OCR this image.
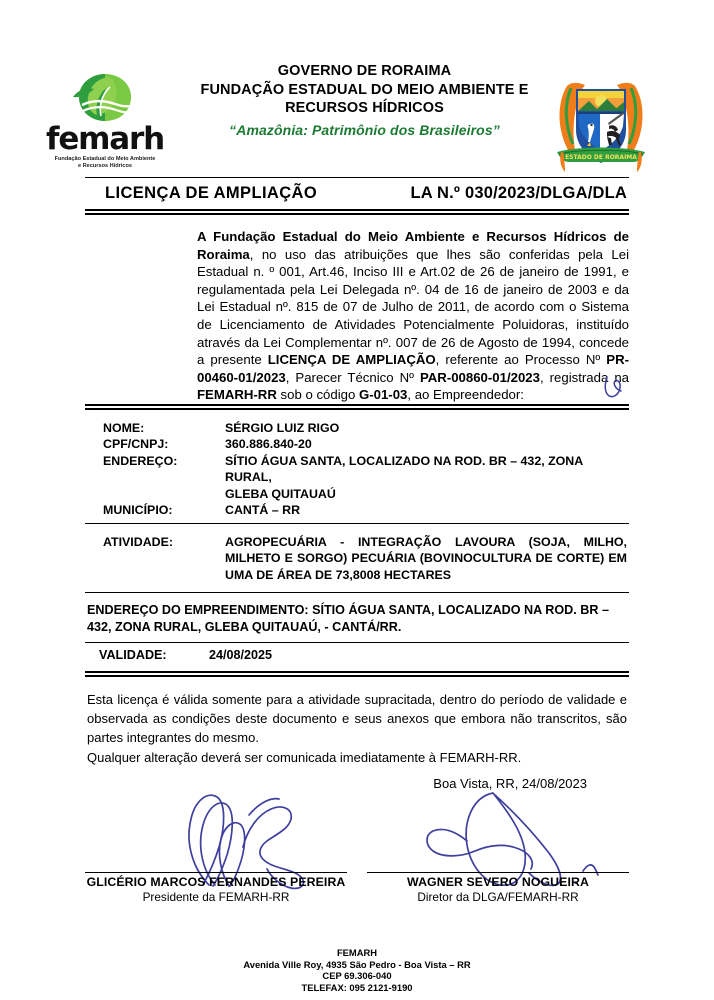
femarh
Fundação Estadual do Meio Ambiente
e Recursos Hídricos
GOVERNO DE RORAIMA
FUNDAÇÃO ESTADUAL DO MEIO AMBIENTE E
RECURSOS HÍDRICOS
“Amazônia: Patrimônio dos Brasileiros”
ESTADO DE RORAIMA
LICENÇA DE AMPLIAÇÃO	LA N.º 030/2023/DLGA/DLA
A Fundação Estadual do Meio Ambiente e Recursos Hídricos de Roraima, no uso das atribuições que lhes são conferidas pela Lei Estadual n. º 001, Art.46, Inciso III e Art.02 de 26 de janeiro de 1991, e regulamentada pela Lei Delegada nº. 04 de 16 de janeiro de 2003 e da Lei Estadual nº. 815 de 07 de Julho de 2011, de acordo com o Sistema de Licenciamento de Atividades Potencialmente Poluidoras, instituído através da Lei Complementar nº. 007 de 26 de Agosto de 1994, concede a presente LICENÇA DE AMPLIAÇÃO, referente ao Processo Nº PR-00460-01/2023, Parecer Técnico Nº PAR-00860-01/2023, registrada na FEMARH-RR sob o código G-01-03, ao Empreendedor:
NOME:	SÉRGIO LUIZ RIGO
CPF/CNPJ:	360.886.840-20
ENDEREÇO:	SÍTIO ÁGUA SANTA, LOCALIZADO NA ROD. BR – 432, ZONA RURAL,
GLEBA QUITAUAÚ
MUNICÍPIO:	CANTÁ – RR
ATIVIDADE:	AGROPECUÁRIA - INTEGRAÇÃO LAVOURA (SOJA, MILHO, MILHETO E SORGO) PECUÁRIA (BOVINOCULTURA DE CORTE) EM UMA DE ÁREA DE 73,8008 HECTARES
ENDEREÇO DO EMPREENDIMENTO: SÍTIO ÁGUA SANTA, LOCALIZADO NA ROD. BR – 432, ZONA RURAL, GLEBA QUITAUAÚ, - CANTÁ/RR.
VALIDADE:	24/08/2025

Esta licença é válida somente para a atividade supracitada, dentro do período de validade e observada as condições deste documento e seus anexos que embora não transcritos, são partes integrantes do mesmo.

Qualquer alteração deverá ser comunicada imediatamente à FEMARH-RR.

Boa Vista, RR, 24/08/2023
GLICÉRIO MARCOS FERNANDES PEREIRA
Presidente da FEMARH-RR
WAGNER SEVERO NOGUEIRA
Diretor da DLGA/FEMARH-RR
FEMARH
Avenida Ville Roy, 4935 São Pedro - Boa Vista – RR
CEP 69.306-040
TELEFAX: 095 2121-9190
